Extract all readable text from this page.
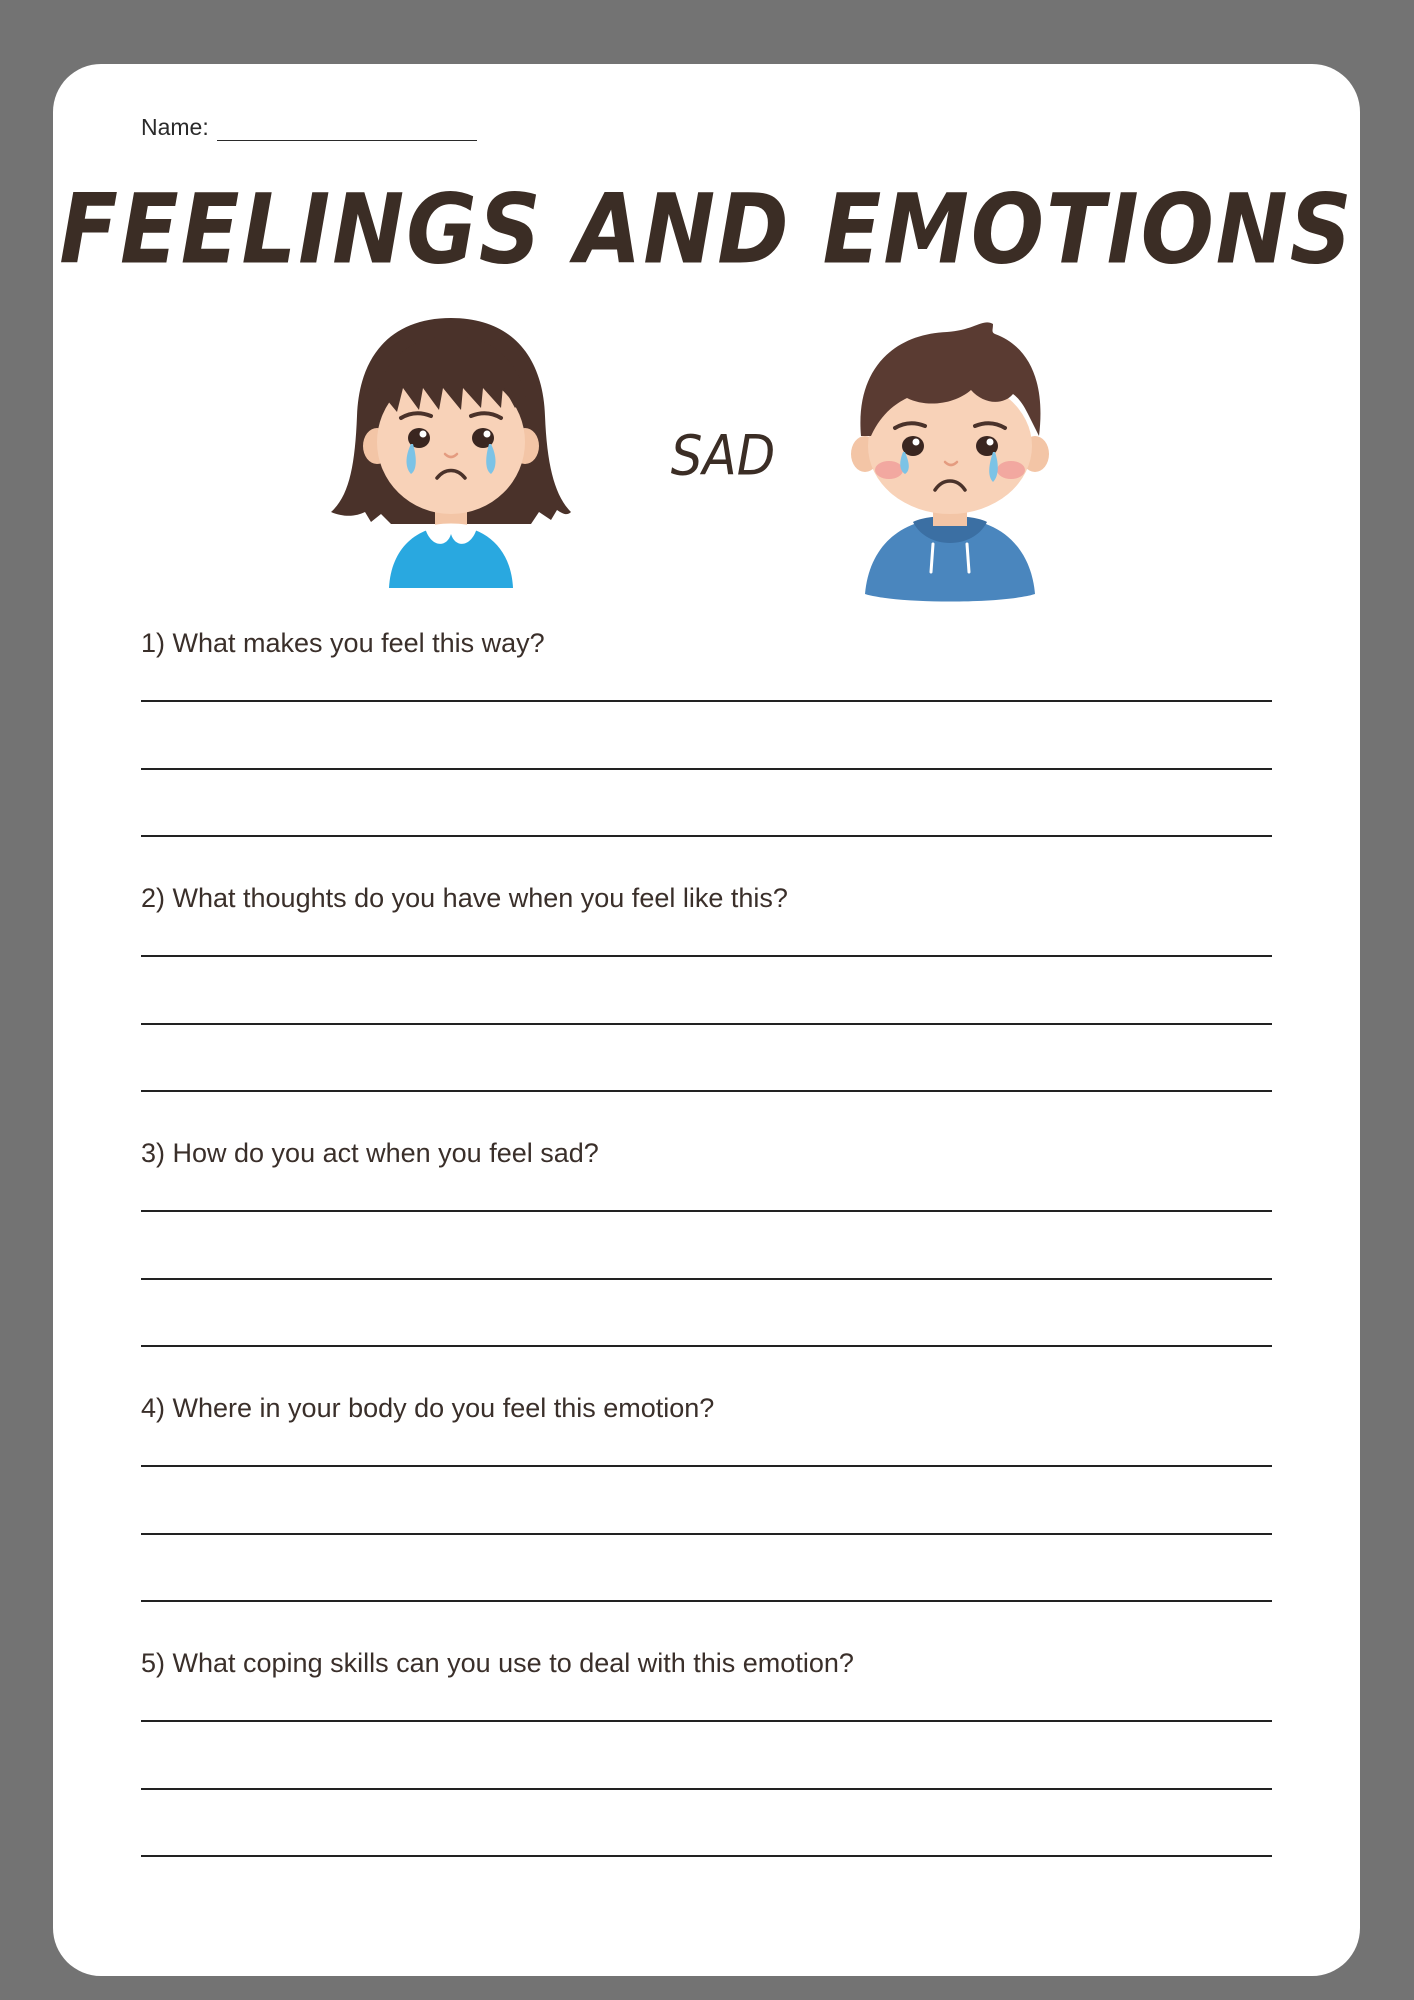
Name:
FEELINGS AND EMOTIONS
SAD
1) What makes you feel this way?
2) What thoughts do you have when you feel like this?
3) How do you act when you feel sad?
4) Where in your body do you feel this emotion?
5) What coping skills can you use to deal with this emotion?
